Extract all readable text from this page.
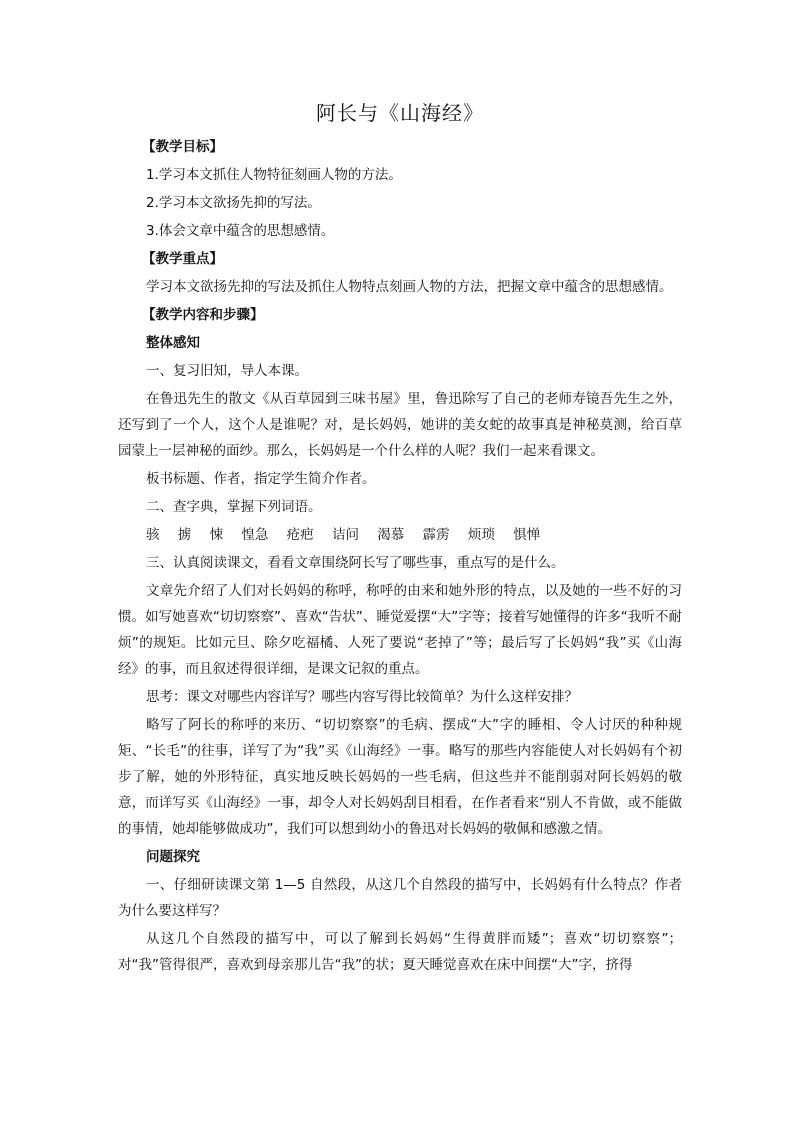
阿长与《山海经》
【教学目标】
1.学习本文抓住人物特征刻画人物的方法。
2.学习本文欲扬先抑的写法。
3.体会文章中蕴含的思想感情。
【教学重点】
学习本文欲扬先抑的写法及抓住人物特点刻画人物的方法，把握文章中蕴含的思想感情。
【教学内容和步骤】
整体感知
一、复习旧知，导人本课。
在鲁迅先生的散文《从百草园到三味书屋》里，鲁迅除写了自己的老师寿镜吾先生之外，还写到了一个人，这个人是谁呢？对，是长妈妈，她讲的美女蛇的故事真是神秘莫测，给百草园蒙上一层神秘的面纱。那么，长妈妈是一个什么样的人呢？我们一起来看课文。
板书标题、作者，指定学生简介作者。
二、查字典，掌握下列词语。
骇 掳 悚 惶急 疮疤 诘问 渴慕 霹雳 烦琐 惧惮
三、认真阅读课文，看看文章围绕阿长写了哪些事，重点写的是什么。
文章先介绍了人们对长妈妈的称呼，称呼的由来和她外形的特点，以及她的一些不好的习惯。如写她喜欢“切切察察”、喜欢“告状”、睡觉爱摆“大”字等；接着写她懂得的许多“我听不耐烦”的规矩。比如元旦、除夕吃福橘、人死了要说“老掉了”等；最后写了长妈妈“我”买《山海经》的事，而且叙述得很详细，是课文记叙的重点。
思考：课文对哪些内容详写？哪些内容写得比较简单？为什么这样安排？
略写了阿长的称呼的来历、“切切察察”的毛病、摆成“大”字的睡相、令人讨厌的种种规矩、“长毛”的往事，详写了为“我”买《山海经》一事。略写的那些内容能使人对长妈妈有个初步了解，她的外形特征，真实地反映长妈妈的一些毛病，但这些并不能削弱对阿长妈妈的敬意，而详写买《山海经》一事，却令人对长妈妈刮目相看，在作者看来“别人不肯做，或不能做的事情，她却能够做成功”，我们可以想到幼小的鲁迅对长妈妈的敬佩和感激之情。
问题探究
一、仔细研读课文第 1—5 自然段，从这几个自然段的描写中，长妈妈有什么特点？作者为什么要这样写？
从这几个自然段的描写中，可以了解到长妈妈“生得黄胖而矮”；喜欢“切切察察”；对“我”管得很严，喜欢到母亲那儿告“我”的状；夏天睡觉喜欢在床中间摆“大”字，挤得
